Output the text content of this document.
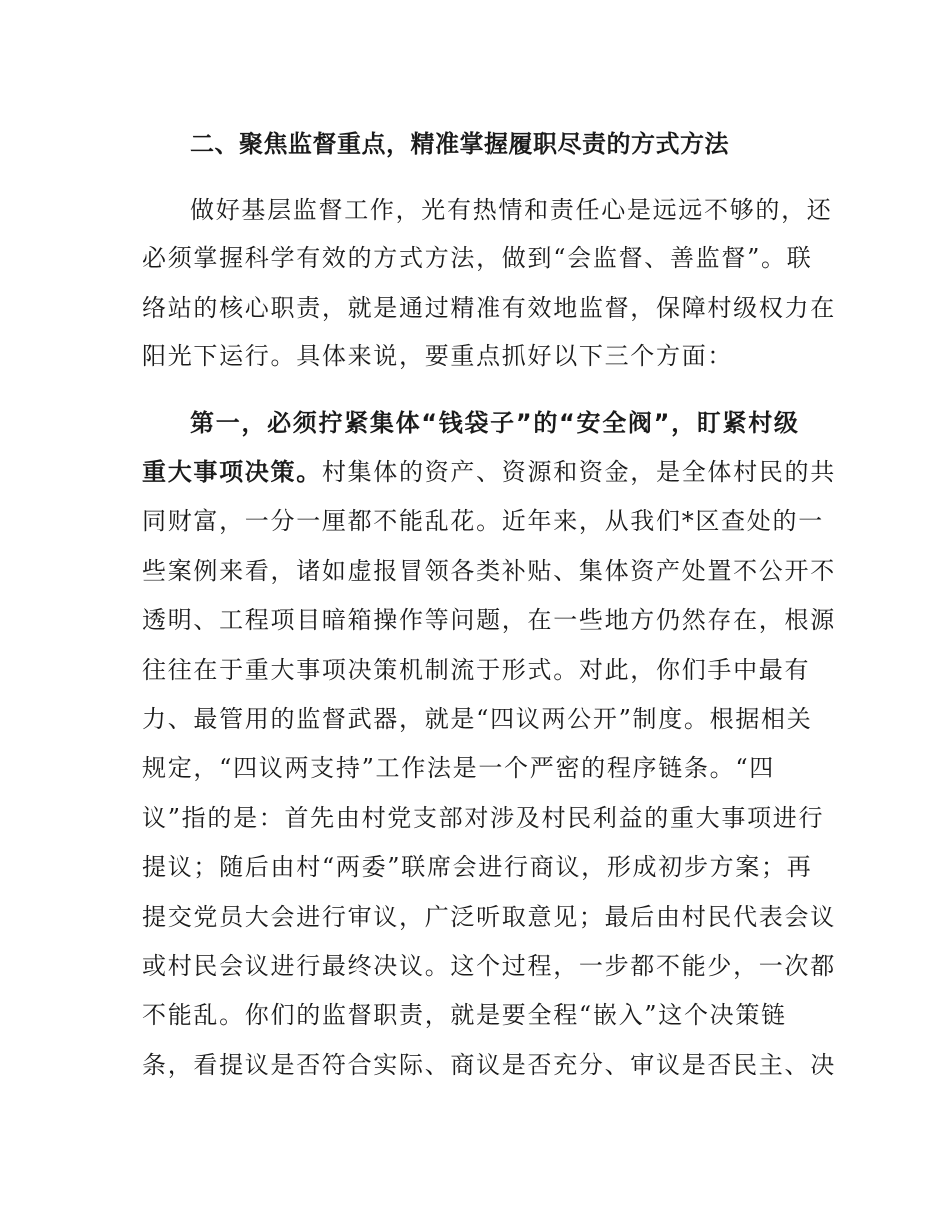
二、聚焦监督重点，精准掌握履职尽责的方式方法
做好基层监督工作，光有热情和责任心是远远不够的，还
必须掌握科学有效的方式方法，做到“会监督、善监督”。联
络站的核心职责，就是通过精准有效地监督，保障村级权力在
阳光下运行。具体来说，要重点抓好以下三个方面：
第一，必须拧紧集体“钱袋子”的“安全阀”，盯紧村级
重大事项决策。村集体的资产、资源和资金，是全体村民的共
同财富，一分一厘都不能乱花。近年来，从我们*区查处的一
些案例来看，诸如虚报冒领各类补贴、集体资产处置不公开不
透明、工程项目暗箱操作等问题，在一些地方仍然存在，根源
往往在于重大事项决策机制流于形式。对此，你们手中最有
力、最管用的监督武器，就是“四议两公开”制度。根据相关
规定，“四议两支持”工作法是一个严密的程序链条。“四
议”指的是：首先由村党支部对涉及村民利益的重大事项进行
提议；随后由村“两委”联席会进行商议，形成初步方案；再
提交党员大会进行审议，广泛听取意见；最后由村民代表会议
或村民会议进行最终决议。这个过程，一步都不能少，一次都
不能乱。你们的监督职责，就是要全程“嵌入”这个决策链
条，看提议是否符合实际、商议是否充分、审议是否民主、决
